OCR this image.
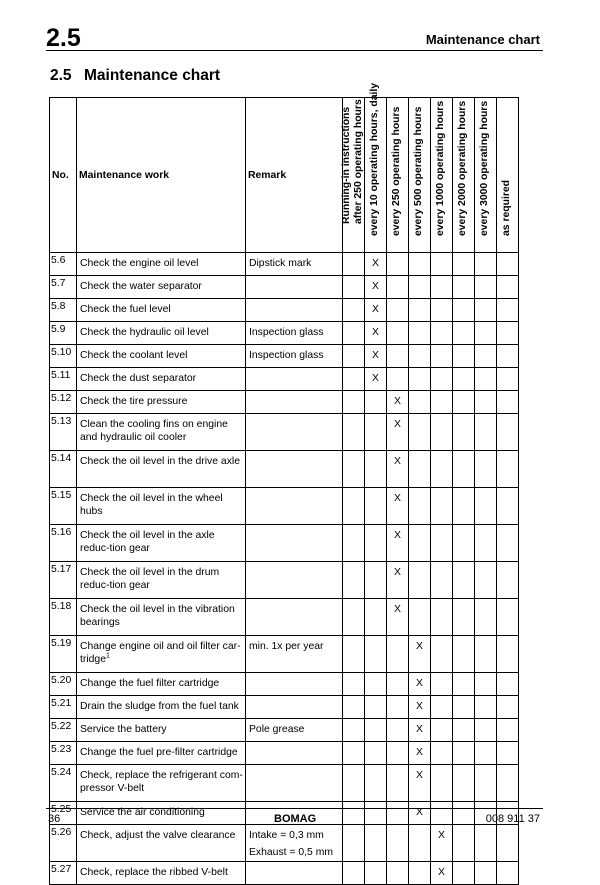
2.5	Maintenance chart
2.5 Maintenance chart
No.	Maintenance work	Remark	Running-in instructions after 250 operating hours	every 10 operating hours, daily	every 250 operating hours	every 500 operating hours	every 1000 operating hours	every 2000 operating hours	every 3000 operating hours	as required

5.6	Check the engine oil level	Dipstick mark		X						
5.7	Check the water separator			X						
5.8	Check the fuel level			X						
5.9	Check the hydraulic oil level	Inspection glass		X						
5.10	Check the coolant level	Inspection glass		X						
5.11	Check the dust separator			X						
5.12	Check the tire pressure				X					
5.13	Clean the cooling fins on engine and hydraulic oil cooler				X					
5.14	Check the oil level in the drive axle				X					
5.15	Check the oil level in the wheel hubs				X					
5.16	Check the oil level in the axle reduc-tion gear				X					
5.17	Check the oil level in the drum reduc-tion gear				X					
5.18	Check the oil level in the vibration bearings				X					
5.19	Change engine oil and oil filter car-tridge$^1$	min. 1x per year				X				
5.20	Change the fuel filter cartridge					X				
5.21	Drain the sludge from the fuel tank					X				
5.22	Service the battery	Pole grease				X				
5.23	Change the fuel pre-filter cartridge					X				
5.24	Check, replace the refrigerant com-pressor V-belt					X				
5.25	Service the air conditioning					X				
5.26	Check, adjust the valve clearance	Intake = 0,3 mm
Exhaust = 0,5 mm					X			
5.27	Check, replace the ribbed V-belt						X			
36	BOMAG	008 911 37
